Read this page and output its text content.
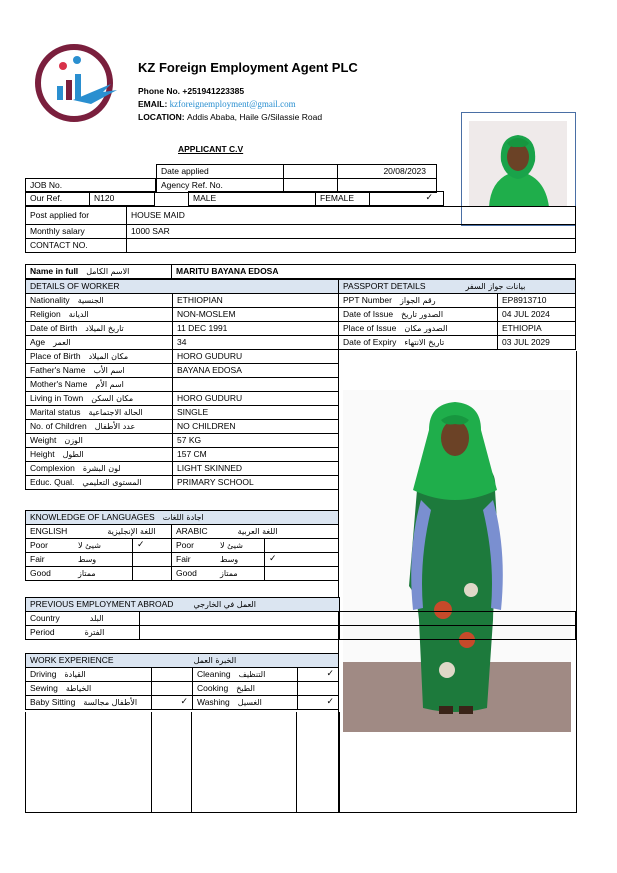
KZ Foreign Employment Agent PLC
Phone No. +251941223385
EMAIL: kzforeignemployment@gmail.com
LOCATION: Addis Ababa, Haile G/Silassie Road
APPLICANT C.V
		Date applied		20/08/2023
JOB No.		Agency Ref. No.		
Our Ref.	N120	MALE	FEMALE	✓
Post applied for	HOUSE MAID
Monthly salary	1000 SAR
CONTACT NO.	
Name in full الاسم الكامل	MARITU BAYANA EDOSA
DETAILS OF WORKER	
Nationality الجنسية	ETHIOPIAN
Religion الديانة	NON-MOSLEM
Date of Birth تاريخ الميلاد	11 DEC 1991
Age العمر	34
Place of Birth مكان الميلاد	HORO GUDURU
Father's Name اسم الأب	BAYANA EDOSA
Mother's Name اسم الأم	
Living in Town مكان السكن	HORO GUDURU
Marital status الحالة الاجتماعية	SINGLE
No. of Children عدد الأطفال	NO CHILDREN
Weight الوزن	57 KG
Height الطول	157 CM
Complexion لون البشرة	LIGHT SKINNED
Educ. Qual. المستوى التعليمي	PRIMARY SCHOOL
PASSPORT DETAILS بيانات جواز السفر	
PPT Number رقم الجواز	EP8913710
Date of Issue الصدور تاريخ	04 JUL 2024
Place of Issue الصدور مكان	ETHIOPIA
Date of Expiry تاريخ الانتهاء	03 JUL 2029
KNOWLEDGE OF LANGUAGES اجادة اللغات					
ENGLISH اللغة الإنجليزية			ARABIC اللغة العربية		
Poor	شيئ لا	✓	Poor	شيئ لا	
Fair	وسط		Fair	وسط	✓
Good	ممتاز		Good	ممتاز	
PREVIOUS EMPLOYMENT ABROAD العمل في الخارجي		
Country البلد		
Period الفترة		
WORK EXPERIENCE الخبرة العمل			
Driving القيادة		Cleaning التنظيف	✓
Sewing الخياطة		Cooking الطبخ	
Baby Sitting الأطفال مجالسة	✓	Washing الغسيل	✓
